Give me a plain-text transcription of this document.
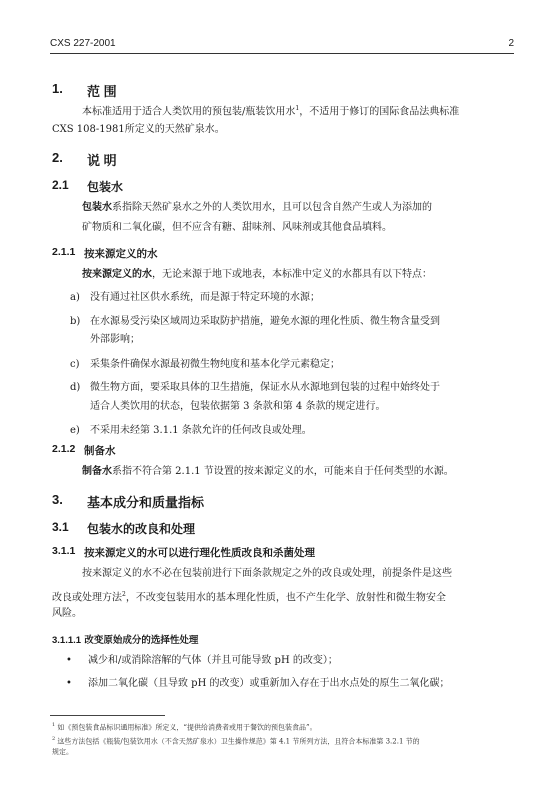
CXS 227-2001	2
1. 范 围
本标准适用于适合人类饮用的预包装/瓶装饮用水$^1$，不适用于修订的国际食品法典标准
CXS 108-1981所定义的天然矿泉水。
2. 说 明
2.1 包装水
包装水系指除天然矿泉水之外的人类饮用水，且可以包含自然产生或人为添加的
矿物质和二氧化碳，但不应含有糖、甜味剂、风味剂或其他食品填料。
2.1.1 按来源定义的水
按来源定义的水，无论来源于地下或地表，本标准中定义的水都具有以下特点：
a) 没有通过社区供水系统，而是源于特定环境的水源；
b) 在水源易受污染区域周边采取防护措施，避免水源的理化性质、微生物含量受到
外部影响；
c) 采集条件确保水源最初微生物纯度和基本化学元素稳定；
d) 微生物方面，要采取具体的卫生措施，保证水从水源地到包装的过程中始终处于
适合人类饮用的状态，包装依据第 3 条款和第 4 条款的规定进行。
e) 不采用未经第 3.1.1 条款允许的任何改良或处理。
2.1.2 制备水
制备水系指不符合第 2.1.1 节设置的按来源定义的水，可能来自于任何类型的水源。
3. 基本成分和质量指标
3.1 包装水的改良和处理
3.1.1 按来源定义的水可以进行理化性质改良和杀菌处理
按来源定义的水不必在包装前进行下面条款规定之外的改良或处理，前提条件是这些
改良或处理方法$^2$，不改变包装用水的基本理化性质，也不产生化学、放射性和微生物安全
风险。
3.1.1.1 改变原始成分的选择性处理
• 减少和/或消除溶解的气体（并且可能导致 pH 的改变）；
• 添加二氧化碳（且导致 pH 的改变）或重新加入存在于出水点处的原生二氧化碳；
$^1$ 如《预包装食品标识通用标准》所定义，“提供给消费者或用于餐饮的预包装食品”。
$^2$ 这些方法包括《瓶装/包装饮用水（不含天然矿泉水）卫生操作规范》第 4.1 节所列方法，且符合本标准第 3.2.1 节的
规定。
